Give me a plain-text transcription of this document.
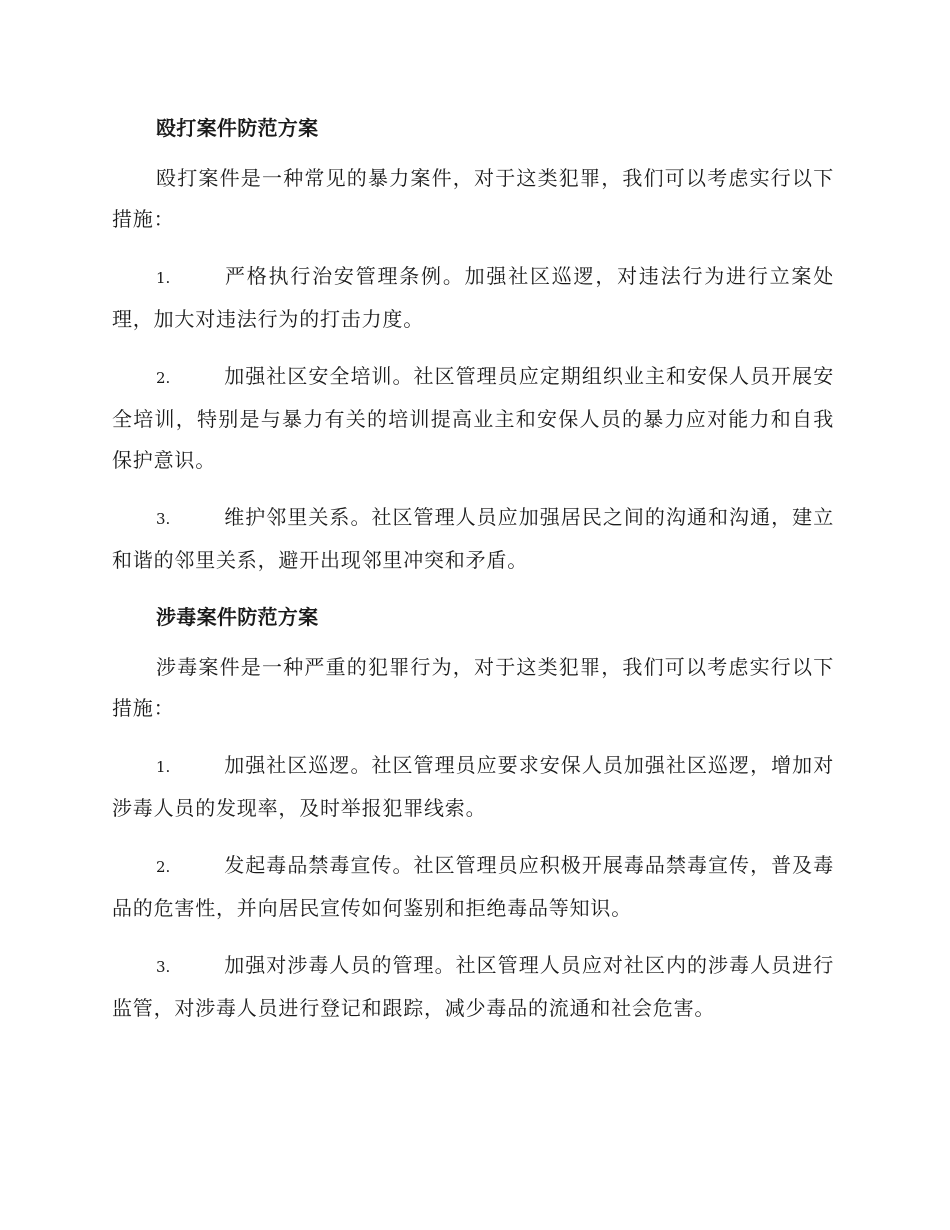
殴打案件防范方案

殴打案件是一种常见的暴力案件，对于这类犯罪，我们可以考虑实行以下措施：

1.	严格执行治安管理条例。加强社区巡逻，对违法行为进行立案处理，加大对违法行为的打击力度。

2.	加强社区安全培训。社区管理员应定期组织业主和安保人员开展安全培训，特别是与暴力有关的培训提高业主和安保人员的暴力应对能力和自我保护意识。

3.	维护邻里关系。社区管理人员应加强居民之间的沟通和沟通，建立和谐的邻里关系，避开出现邻里冲突和矛盾。

涉毒案件防范方案

涉毒案件是一种严重的犯罪行为，对于这类犯罪，我们可以考虑实行以下措施：

1.	加强社区巡逻。社区管理员应要求安保人员加强社区巡逻，增加对涉毒人员的发现率，及时举报犯罪线索。

2.	发起毒品禁毒宣传。社区管理员应积极开展毒品禁毒宣传，普及毒品的危害性，并向居民宣传如何鉴别和拒绝毒品等知识。

3.	加强对涉毒人员的管理。社区管理人员应对社区内的涉毒人员进行监管，对涉毒人员进行登记和跟踪，减少毒品的流通和社会危害。
